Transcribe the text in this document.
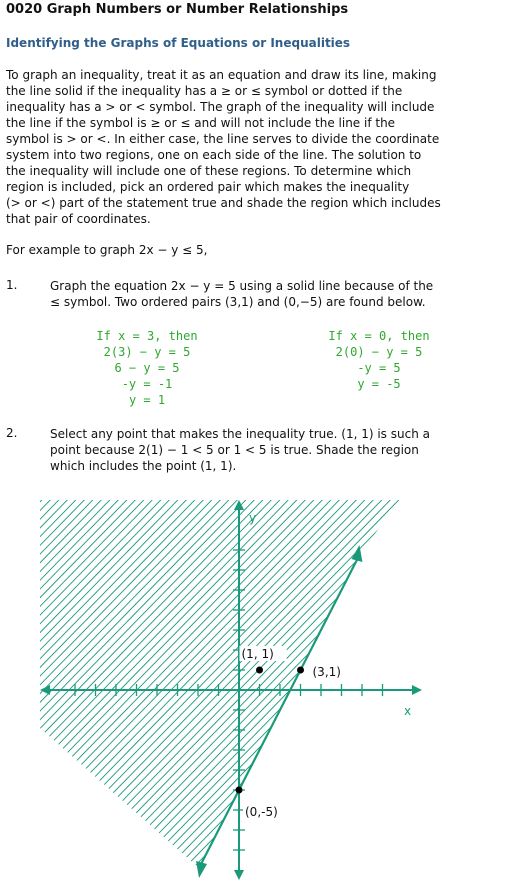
0020 Graph Numbers or Number Relationships
Identifying the Graphs of Equations or Inequalities

To graph an inequality, treat it as an equation and draw its line, making
the line solid if the inequality has a ≥ or ≤ symbol or dotted if the
inequality has a > or < symbol. The graph of the inequality will include
the line if the symbol is ≥ or ≤ and will not include the line if the
symbol is > or <. In either case, the line serves to divide the coordinate
system into two regions, one on each side of the line. The solution to
the inequality will include one of these regions. To determine which
region is included, pick an ordered pair which makes the inequality
(> or <) part of the statement true and shade the region which includes
that pair of coordinates.

For example to graph 2x − y ≤ 5,

1.	Graph the equation 2x − y = 5 using a solid line because of the
≤ symbol. Two ordered pairs (3,1) and (0,−5) are found below.
If x = 3, then
2(3) − y = 5
6 − y = 5
-y = -1
y = 1
If x = 0, then
2(0) − y = 5
-y = 5
y = -5
2.	Select any point that makes the inequality true. (1, 1) is such a
point because 2(1) − 1 < 5 or 1 < 5 is true. Shade the region
which includes the point (1, 1).
(1, 1)
(3,1)
(0,-5)
x
y
